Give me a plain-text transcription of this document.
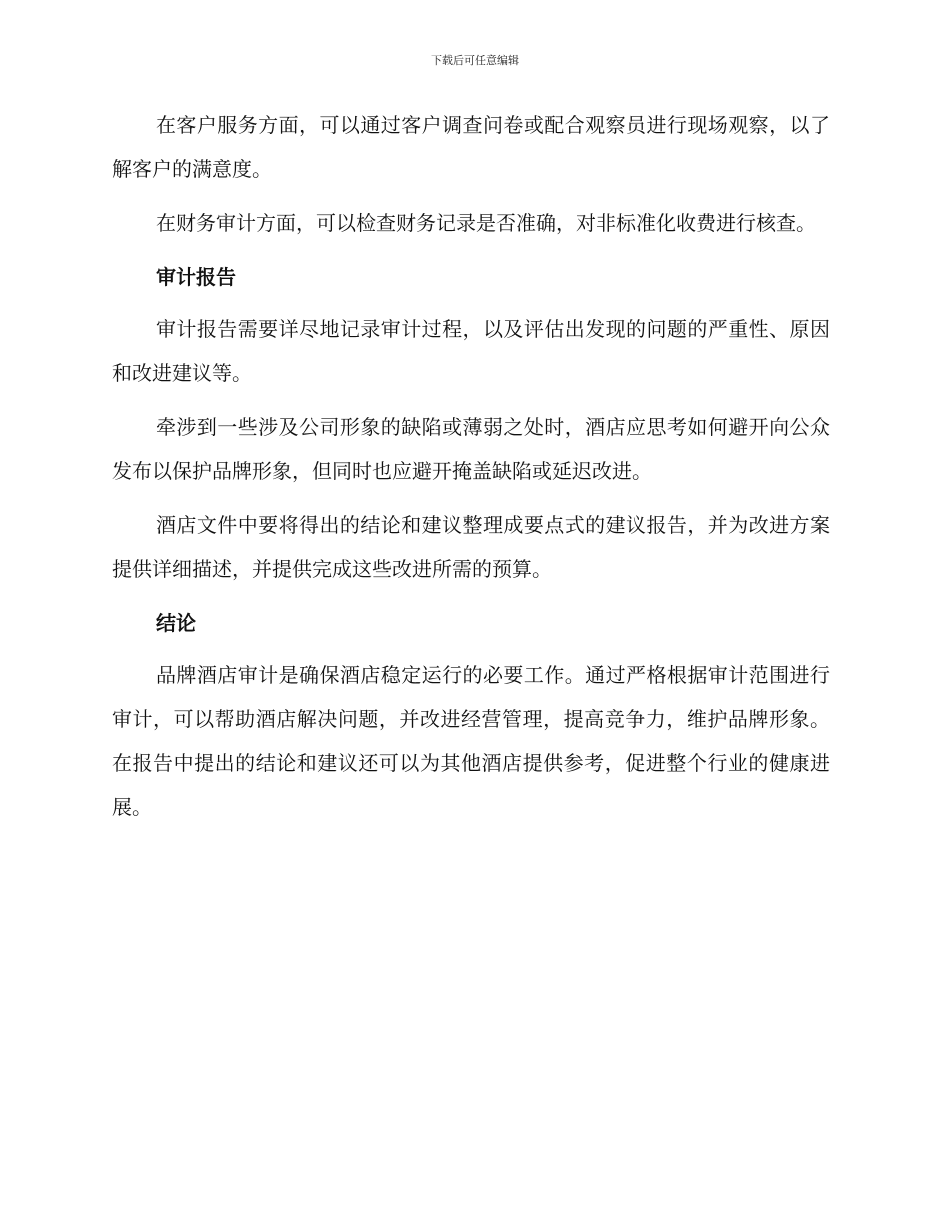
下载后可任意编辑

在客户服务方面，可以通过客户调查问卷或配合观察员进行现场观察，以了解客户的满意度。

在财务审计方面，可以检查财务记录是否准确，对非标准化收费进行核查。

审计报告

审计报告需要详尽地记录审计过程，以及评估出发现的问题的严重性、原因和改进建议等。

牵涉到一些涉及公司形象的缺陷或薄弱之处时，酒店应思考如何避开向公众发布以保护品牌形象，但同时也应避开掩盖缺陷或延迟改进。

酒店文件中要将得出的结论和建议整理成要点式的建议报告，并为改进方案提供详细描述，并提供完成这些改进所需的预算。

结论

品牌酒店审计是确保酒店稳定运行的必要工作。通过严格根据审计范围进行审计，可以帮助酒店解决问题，并改进经营管理，提高竞争力，维护品牌形象。在报告中提出的结论和建议还可以为其他酒店提供参考，促进整个行业的健康进展。
